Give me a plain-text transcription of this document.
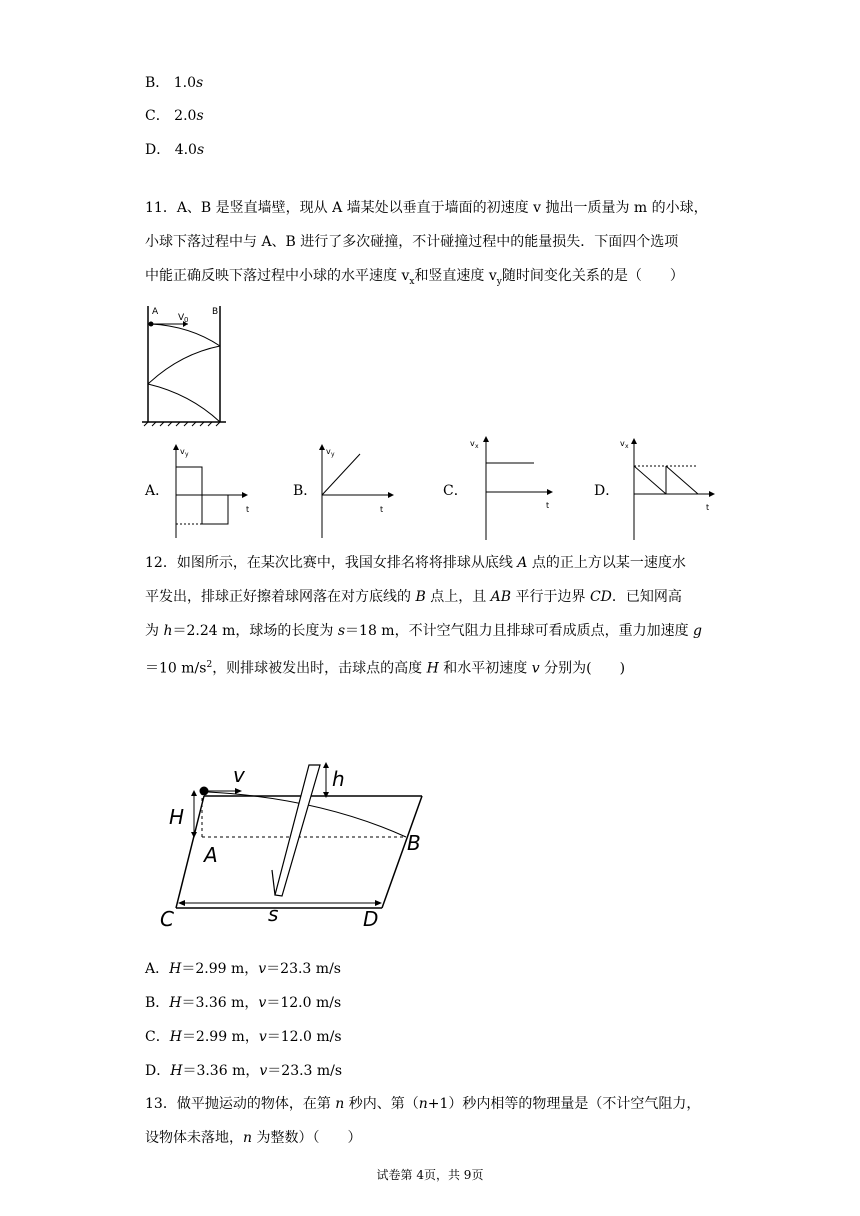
B． 1.0s
C． 2.0s
D． 4.0s
11．A、B 是竖直墙壁，现从 A 墙某处以垂直于墙面的初速度 v 抛出一质量为 m 的小球，
小球下落过程中与 A、B 进行了多次碰撞，不计碰撞过程中的能量损失．下面四个选项
中能正确反映下落过程中小球的水平速度 $v_x$和竖直速度 $v_y$随时间变化关系的是（　　）
A	B
V 0
A．
v y
t
B．
v y
t
C．
v x
t
D．
v x
t
12．如图所示，在某次比赛中，我国女排名将将排球从底线 A 点的正上方以某一速度水
平发出，排球正好擦着球网落在对方底线的 B 点上，且 AB 平行于边界 CD．已知网高
为 h＝2.24 m，球场的长度为 s＝18 m，不计空气阻力且排球可看成质点，重力加速度 g
＝10 $m/s^2$，则排球被发出时，击球点的高度 H 和水平初速度 v 分别为(　　)
v	h
H
A	B
C	D
s
A．H＝2.99 m，v＝23.3 m/s
B．H＝3.36 m，v＝12.0 m/s
C．H＝2.99 m，v＝12.0 m/s
D．H＝3.36 m，v＝23.3 m/s
13．做平抛运动的物体，在第 n 秒内、第（n+1）秒内相等的物理量是（不计空气阻力，
设物体未落地，n 为整数）（　　）
试卷第 4页，共 9页
